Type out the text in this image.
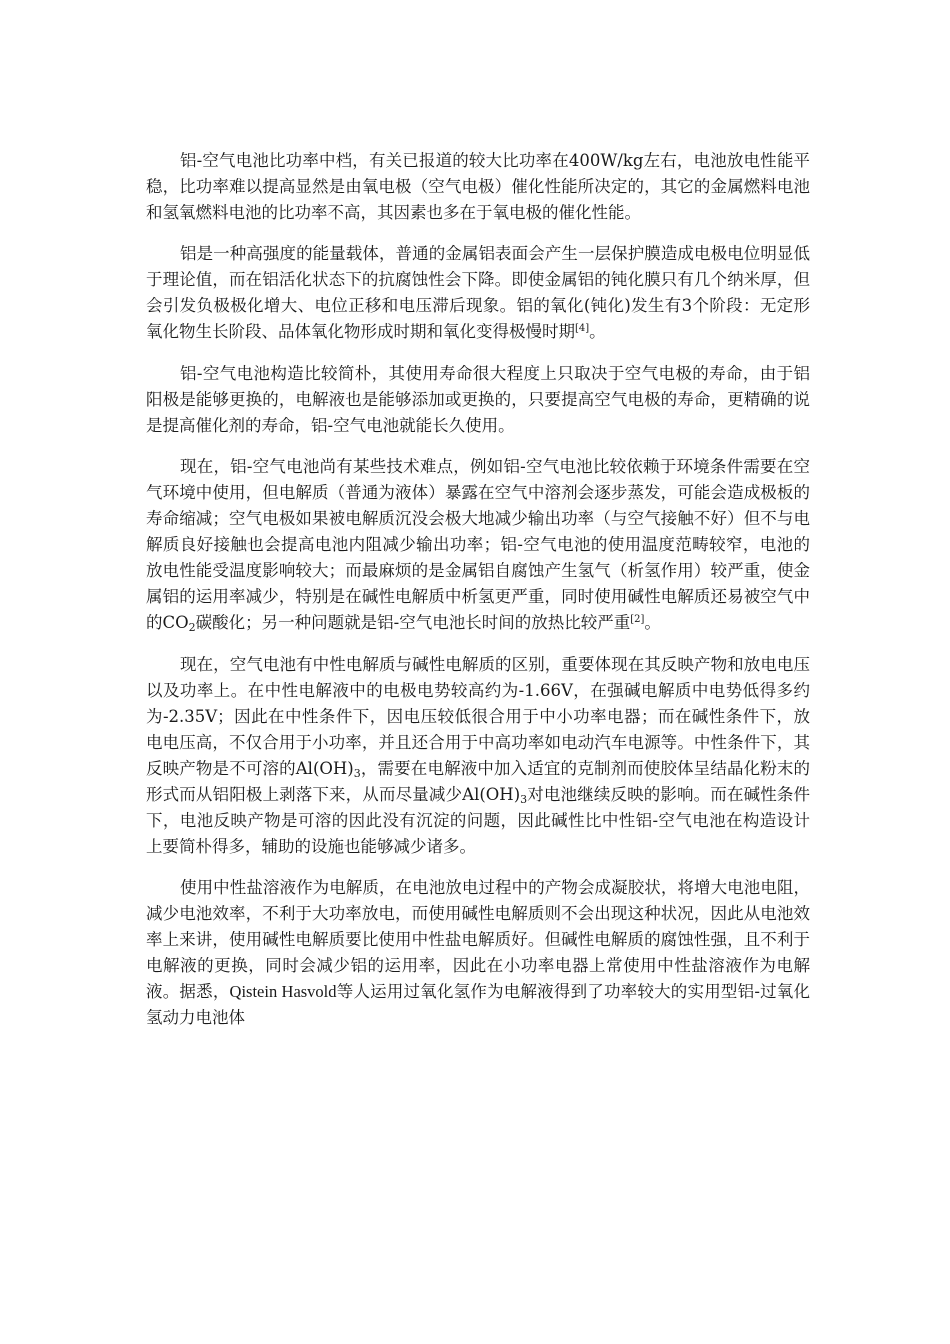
铝-空气电池比功率中档，有关已报道的较大比功率在400W/kg左右，电池放电性能平稳，比功率难以提高显然是由氧电极（空气电极）催化性能所决定的，其它的金属燃料电池和氢氧燃料电池的比功率不高，其因素也多在于氧电极的催化性能。

铝是一种高强度的能量载体，普通的金属铝表面会产生一层保护膜造成电极电位明显低于理论值，而在铝活化状态下的抗腐蚀性会下降。即使金属铝的钝化膜只有几个纳米厚，但会引发负极极化增大、电位正移和电压滞后现象。铝的氧化(钝化)发生有3个阶段：无定形氧化物生长阶段、品体氧化物形成时期和氧化变得极慢时期[4]。

铝-空气电池构造比较简朴，其使用寿命很大程度上只取决于空气电极的寿命，由于铝阳极是能够更换的，电解液也是能够添加或更换的，只要提高空气电极的寿命，更精确的说是提高催化剂的寿命，铝-空气电池就能长久使用。

现在，铝-空气电池尚有某些技术难点，例如铝-空气电池比较依赖于环境条件需要在空气环境中使用，但电解质（普通为液体）暴露在空气中溶剂会逐步蒸发，可能会造成极板的寿命缩减；空气电极如果被电解质沉没会极大地减少输出功率（与空气接触不好）但不与电解质良好接触也会提高电池内阻减少输出功率；铝-空气电池的使用温度范畴较窄，电池的放电性能受温度影响较大；而最麻烦的是金属铝自腐蚀产生氢气（析氢作用）较严重，使金属铝的运用率减少，特别是在碱性电解质中析氢更严重，同时使用碱性电解质还易被空气中的$CO_2$碳酸化；另一种问题就是铝-空气电池长时间的放热比较严重[2]。

现在，空气电池有中性电解质与碱性电解质的区别，重要体现在其反映产物和放电电压以及功率上。在中性电解液中的电极电势较高约为-1.66V，在强碱电解质中电势低得多约为-2.35V；因此在中性条件下，因电压较低很合用于中小功率电器；而在碱性条件下，放电电压高，不仅合用于小功率，并且还合用于中高功率如电动汽车电源等。中性条件下，其反映产物是不可溶的$Al(OH)_3$，需要在电解液中加入适宜的克制剂而使胶体呈结晶化粉末的形式而从铝阳极上剥落下来，从而尽量减少$Al(OH)_3$对电池继续反映的影响。而在碱性条件下，电池反映产物是可溶的因此没有沉淀的问题，因此碱性比中性铝-空气电池在构造设计上要简朴得多，辅助的设施也能够减少诸多。

使用中性盐溶液作为电解质，在电池放电过程中的产物会成凝胶状，将增大电池电阻，减少电池效率，不利于大功率放电，而使用碱性电解质则不会出现这种状况，因此从电池效率上来讲，使用碱性电解质要比使用中性盐电解质好。但碱性电解质的腐蚀性强，且不利于电解液的更换，同时会减少铝的运用率，因此在小功率电器上常使用中性盐溶液作为电解液。据悉，Qistein Hasvold等人运用过氧化氢作为电解液得到了功率较大的实用型铝-过氧化氢动力电池体
